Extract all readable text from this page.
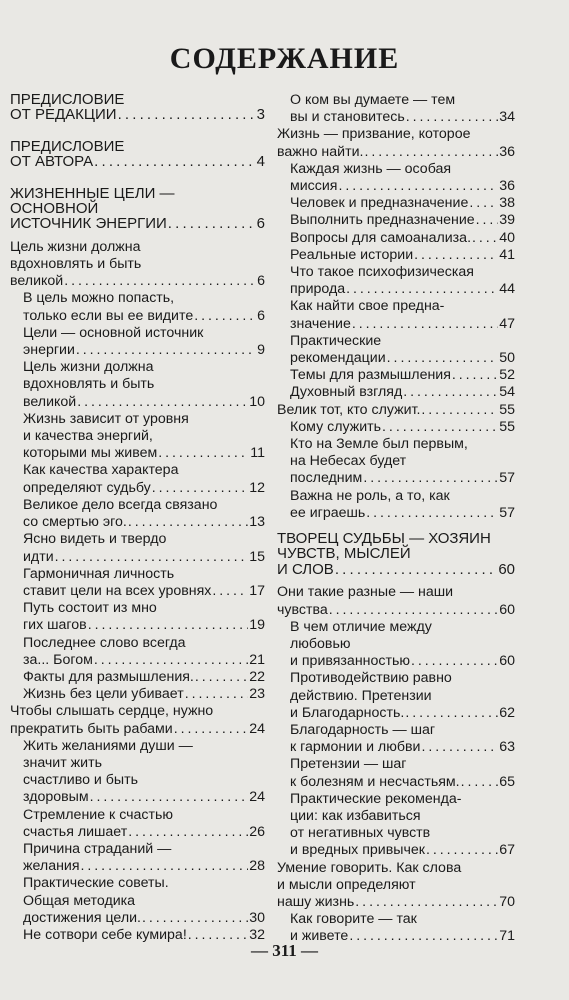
СОДЕРЖАНИЕ
ПРЕДИСЛОВИЕ
ОТ РЕДАКЦИИ . . .	3
ПРЕДИСЛОВИЕ
ОТ АВТОРА . . .	4
ЖИЗНЕННЫЕ ЦЕЛИ —
ОСНОВНОЙ
ИСТОЧНИК ЭНЕРГИИ . . .	6
Цель жизни должна
вдохновлять и быть
великой . . .	6
В цель можно попасть,
только если вы ее видите . . .	6
Цели — основной источник
энергии . . .	9
Цель жизни должна
вдохновлять и быть
великой . . .	10
Жизнь зависит от уровня
и качества энергий,
которыми мы живем . . .	11
Как качества характера
определяют судьбу . . .	12
Великое дело всегда связано
со смертью эго. . . .	13
Ясно видеть и твердо
идти . . .	15
Гармоничная личность
ставит цели на всех уровнях . . .	17
Путь состоит из мно
гих шагов . . .	19
Последнее слово всегда
за... Богом . . .	21
Факты для размышления. . . .	22
Жизнь без цели убивает . . .	23
Чтобы слышать сердце, нужно
прекратить быть рабами . . .	24
Жить желаниями души —
значит жить
счастливо и быть
здоровым . . .	24
Стремление к счастью
счастья лишает . . .	26
Причина страданий —
желания . . .	28
Практические советы.
Общая методика
достижения цели. . . .	30
Не сотвори себе кумира! . . .	32
О ком вы думаете — тем
вы и становитесь . . .	34
Жизнь — призвание, которое
важно найти. . . .	36
Каждая жизнь — особая
миссия . . .	36
Человек и предназначение . . . 38
Выполнить предназначение . . . 39
Вопросы для самоанализа. . . . 40
Реальные истории . . .	41
Что такое психофизическая
природа . . .	44
Как найти свое предна-
значение . . .	47
Практические
рекомендации . . .	50
Темы для размышления . . .	52
Духовный взгляд . . .	54
Велик тот, кто служит. . . .	55
Кому служить . . .	55
Кто на Земле был первым,
на Небесах будет
последним . . .	57
Важна не роль, а то, как
ее играешь . . .	57
ТВОРЕЦ СУДЬБЫ — ХОЗЯИН
ЧУВСТВ, МЫСЛЕЙ
И СЛОВ . . .	60
Они такие разные — наши
чувства . . .	60
В чем отличие между
любовью
и привязанностью . . .	60
Противодействию равно
действию. Претензии
и Благодарность. . . .	62
Благодарность — шаг
к гармонии и любви . . .	63
Претензии — шаг
к болезням и несчастьям. . . .	65
Практические рекоменда-
ции: как избавиться
от негативных чувств
и вредных привычек . . .	67
Умение говорить. Как слова
и мысли определяют
нашу жизнь . . .	70
Как говорите — так
и живете . . .	71
— 311 —
